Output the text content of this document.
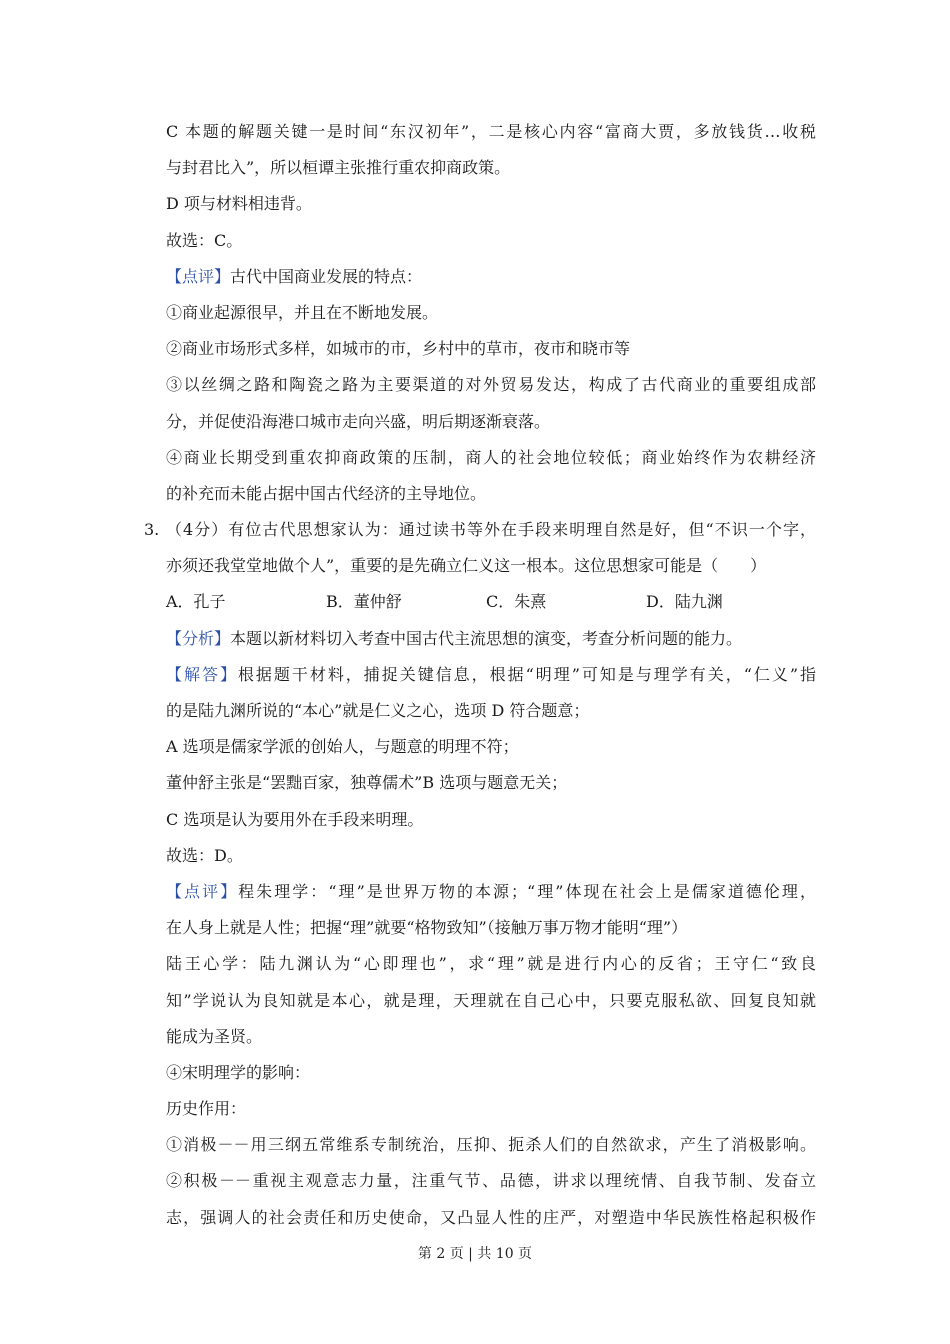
C 本题的解题关键一是时间“东汉初年”，二是核心内容“富商大贾，多放钱货…收税
与封君比入”，所以桓谭主张推行重农抑商政策。
D 项与材料相违背。
故选：C。
【点评】古代中国商业发展的特点：
①商业起源很早，并且在不断地发展。
②商业市场形式多样，如城市的市，乡村中的草市，夜市和晓市等
③以丝绸之路和陶瓷之路为主要渠道的对外贸易发达，构成了古代商业的重要组成部
分，并促使沿海港口城市走向兴盛，明后期逐渐衰落。
④商业长期受到重农抑商政策的压制，商人的社会地位较低；商业始终作为农耕经济
的补充而未能占据中国古代经济的主导地位。
3. （4分）有位古代思想家认为：通过读书等外在手段来明理自然是好，但“不识一个字，
亦须还我堂堂地做个人”，重要的是先确立仁义这一根本。这位思想家可能是（　　）
A．孔子	B．董仲舒	C．朱熹	D．陆九渊
【分析】本题以新材料切入考查中国古代主流思想的演变，考查分析问题的能力。
【解答】根据题干材料，捕捉关键信息，根据“明理”可知是与理学有关，“仁义”指
的是陆九渊所说的“本心”就是仁义之心，选项 D 符合题意；
A 选项是儒家学派的创始人，与题意的明理不符；
董仲舒主张是“罢黜百家，独尊儒术”B 选项与题意无关；
C 选项是认为要用外在手段来明理。
故选：D。
【点评】程朱理学：“理”是世界万物的本源；“理”体现在社会上是儒家道德伦理，
在人身上就是人性；把握“理”就要“格物致知”（接触万事万物才能明“理”）
陆王心学：陆九渊认为“心即理也”，求“理”就是进行内心的反省；王守仁“致良
知”学说认为良知就是本心，就是理，天理就在自己心中，只要克服私欲、回复良知就
能成为圣贤。
④宋明理学的影响：
历史作用：
①消极－－用三纲五常维系专制统治，压抑、扼杀人们的自然欲求，产生了消极影响。
②积极－－重视主观意志力量，注重气节、品德，讲求以理统情、自我节制、发奋立
志，强调人的社会责任和历史使命，又凸显人性的庄严，对塑造中华民族性格起积极作
第 2 页 | 共 10 页
